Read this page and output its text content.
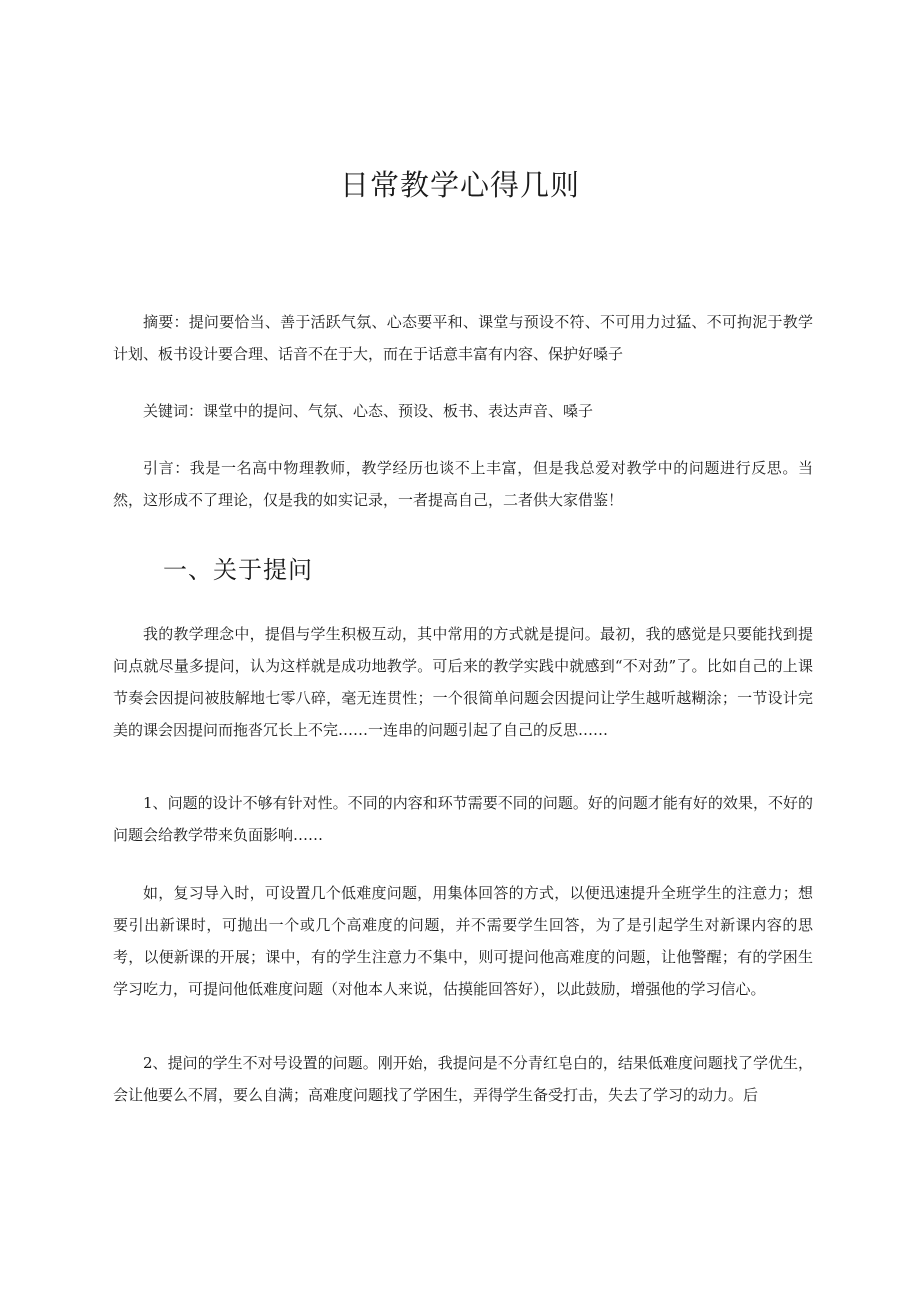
日常教学心得几则

摘要：提问要恰当、善于活跃气氛、心态要平和、课堂与预设不符、不可用力过猛、不可拘泥于教学计划、板书设计要合理、话音不在于大，而在于话意丰富有内容、保护好嗓子

关键词：课堂中的提问、气氛、心态、预设、板书、表达声音、嗓子

引言：我是一名高中物理教师，教学经历也谈不上丰富，但是我总爱对教学中的问题进行反思。当然，这形成不了理论，仅是我的如实记录，一者提高自己，二者供大家借鉴！

一、关于提问

我的教学理念中，提倡与学生积极互动，其中常用的方式就是提问。最初，我的感觉是只要能找到提问点就尽量多提问，认为这样就是成功地教学。可后来的教学实践中就感到“不对劲”了。比如自己的上课节奏会因提问被肢解地七零八碎，毫无连贯性；一个很简单问题会因提问让学生越听越糊涂；一节设计完美的课会因提问而拖沓冗长上不完……一连串的问题引起了自己的反思……

1、问题的设计不够有针对性。不同的内容和环节需要不同的问题。好的问题才能有好的效果，不好的问题会给教学带来负面影响……

如，复习导入时，可设置几个低难度问题，用集体回答的方式，以便迅速提升全班学生的注意力；想要引出新课时，可抛出一个或几个高难度的问题，并不需要学生回答，为了是引起学生对新课内容的思考，以便新课的开展；课中，有的学生注意力不集中，则可提问他高难度的问题，让他警醒；有的学困生学习吃力，可提问他低难度问题（对他本人来说，估摸能回答好），以此鼓励，增强他的学习信心。

2、提问的学生不对号设置的问题。刚开始，我提问是不分青红皂白的，结果低难度问题找了学优生，会让他要么不屑，要么自满；高难度问题找了学困生，弄得学生备受打击，失去了学习的动力。后
